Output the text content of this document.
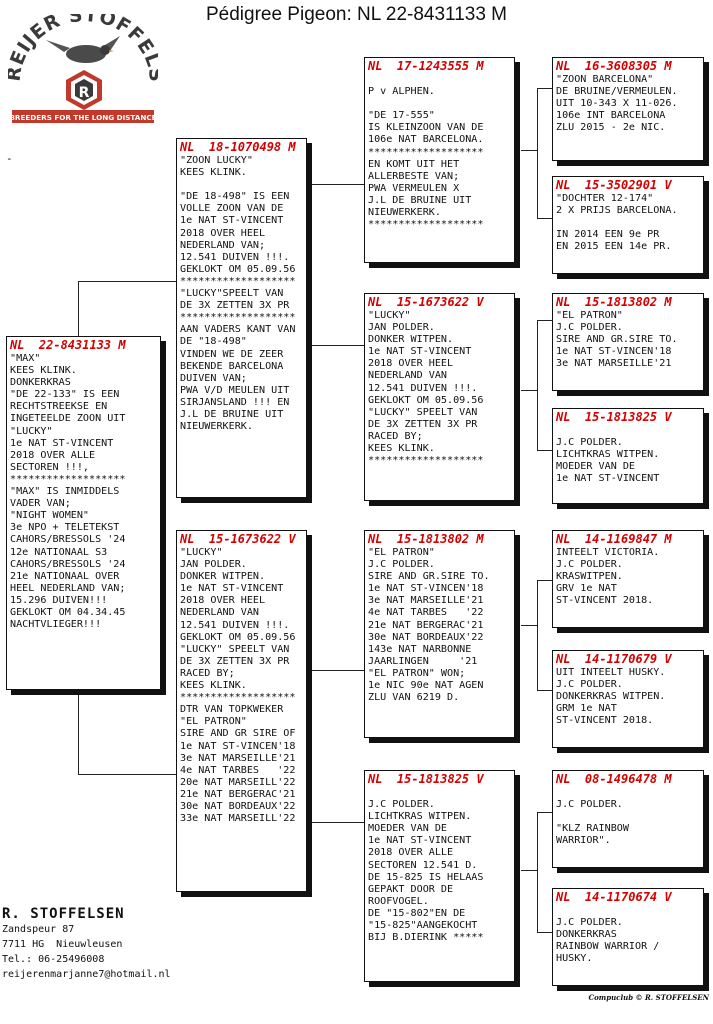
Pédigree Pigeon: NL 22-8431133 M
EIJER STOFFE
R
BREEDERS FOR THE LONG DISTANCE
-
NL  22-8431133 M
"MAX"
KEES KLINK.
DONKERKRAS
"DE 22-133" IS EEN
RECHTSTREEKSE EN
INGETEELDE ZOON UIT
"LUCKY"
1e NAT ST-VINCENT
2018 OVER ALLE
SECTOREN !!!,
*******************
"MAX" IS INMIDDELS
VADER VAN;
"NIGHT WOMEN"
3e NPO + TELETEKST
CAHORS/BRESSOLS '24
12e NATIONAAL S3
CAHORS/BRESSOLS '24
21e NATIONAAL OVER
HEEL NEDERLAND VAN;
15.296 DUIVEN!!!
GEKLOKT OM 04.34.45
NACHTVLIEGER!!!
NL  18-1070498 M
"ZOON LUCKY"
KEES KLINK.

"DE 18-498" IS EEN
VOLLE ZOON VAN DE
1e NAT ST-VINCENT
2018 OVER HEEL
NEDERLAND VAN;
12.541 DUIVEN !!!.
GEKLOKT OM 05.09.56
*******************
"LUCKY"SPEELT VAN
DE 3X ZETTEN 3X PR
*******************
AAN VADERS KANT VAN
DE "18-498"
VINDEN WE DE ZEER
BEKENDE BARCELONA
DUIVEN VAN;
PWA V/D MEULEN UIT
SIRJANSLAND !!! EN
J.L DE BRUINE UIT
NIEUWERKERK.
NL  15-1673622 V
"LUCKY"
JAN POLDER.
DONKER WITPEN.
1e NAT ST-VINCENT
2018 OVER HEEL
NEDERLAND VAN
12.541 DUIVEN !!!.
GEKLOKT OM 05.09.56
"LUCKY" SPEELT VAN
DE 3X ZETTEN 3X PR
RACED BY;
KEES KLINK.
*******************
DTR VAN TOPKWEKER
"EL PATRON"
SIRE AND GR SIRE OF
1e NAT ST-VINCEN'18
3e NAT MARSEILLE'21
4e NAT TARBES   '22
20e NAT MARSEILL'22
21e NAT BERGERAC'21
30e NAT BORDEAUX'22
33e NAT MARSEILL'22
NL  17-1243555 M

P v ALPHEN.

"DE 17-555"
IS KLEINZOON VAN DE
106e NAT BARCELONA.
*******************
EN KOMT UIT HET
ALLERBESTE VAN;
PWA VERMEULEN X
J.L DE BRUINE UIT
NIEUWERKERK.
*******************
NL  15-1673622 V
"LUCKY"
JAN POLDER.
DONKER WITPEN.
1e NAT ST-VINCENT
2018 OVER HEEL
NEDERLAND VAN
12.541 DUIVEN !!!.
GEKLOKT OM 05.09.56
"LUCKY" SPEELT VAN
DE 3X ZETTEN 3X PR
RACED BY;
KEES KLINK.
*******************
NL  15-1813802 M
"EL PATRON"
J.C POLDER.
SIRE AND GR.SIRE TO.
1e NAT ST-VINCEN'18
3e NAT MARSEILLE'21
4e NAT TARBES   '22
21e NAT BERGERAC'21
30e NAT BORDEAUX'22
143e NAT NARBONNE
JAARLINGEN     '21
"EL PATRON" WON;
1e NIC 90e NAT AGEN
ZLU VAN 6219 D.
NL  15-1813825 V

J.C POLDER.
LICHTKRAS WITPEN.
MOEDER VAN DE
1e NAT ST-VINCENT
2018 OVER ALLE
SECTOREN 12.541 D.
DE 15-825 IS HELAAS
GEPAKT DOOR DE
ROOFVOGEL.
DE "15-802"EN DE
"15-825"AANGEKOCHT
BIJ B.DIERINK *****
NL  16-3608305 M
"ZOON BARCELONA"
DE BRUINE/VERMEULEN.
UIT 10-343 X 11-026.
106e INT BARCELONA
ZLU 2015 - 2e NIC.
NL  15-3502901 V
"DOCHTER 12-174"
2 X PRIJS BARCELONA.

IN 2014 EEN 9e PR
EN 2015 EEN 14e PR.
NL  15-1813802 M
"EL PATRON"
J.C POLDER.
SIRE AND GR.SIRE TO.
1e NAT ST-VINCEN'18
3e NAT MARSEILLE'21
NL  15-1813825 V

J.C POLDER.
LICHTKRAS WITPEN.
MOEDER VAN DE
1e NAT ST-VINCENT
NL  14-1169847 M
INTEELT VICTORIA.
J.C POLDER.
KRASWITPEN.
GRV 1e NAT
ST-VINCENT 2018.
NL  14-1170679 V
UIT INTEELT HUSKY.
J.C POLDER.
DONKERKRAS WITPEN.
GRM 1e NAT
ST-VINCENT 2018.
NL  08-1496478 M

J.C POLDER.

"KLZ RAINBOW
WARRIOR".
NL  14-1170674 V

J.C POLDER.
DONKERKRAS
RAINBOW WARRIOR /
HUSKY.
R. STOFFELSEN
Zandspeur 87
7711 HG  Nieuwleusen
Tel.: 06-25496008
reijerenmarjanne7@hotmail.nl
Compuclub © R. STOFFELSEN
